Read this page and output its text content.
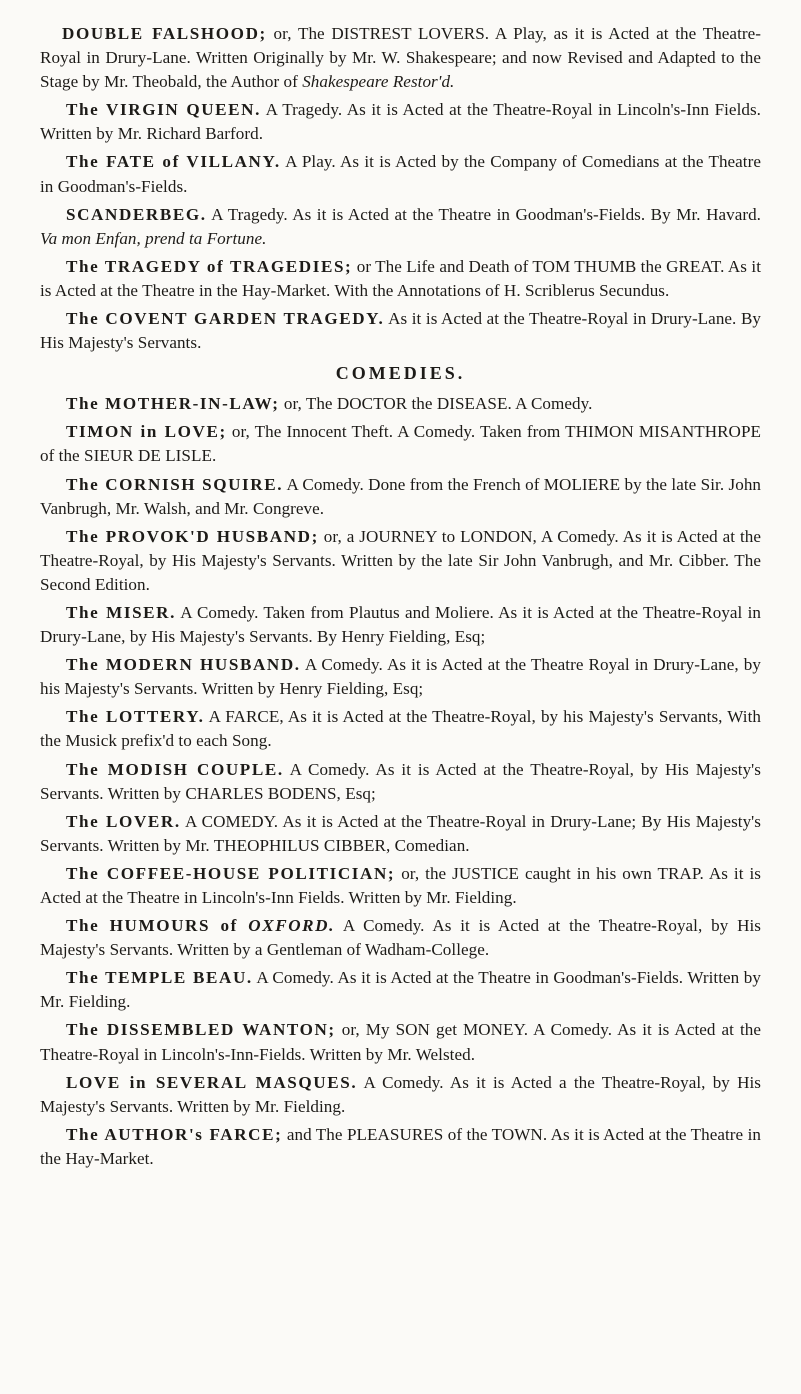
DOUBLE FALSHOOD; or, The DISTREST LOVERS. A Play, as it is Acted at the Theatre-Royal in Drury-Lane. Written Originally by Mr. W. Shakespeare; and now Revised and Adapted to the Stage by Mr. Theobald, the Author of Shakespeare Restor'd.

The VIRGIN QUEEN. A Tragedy. As it is Acted at the Theatre-Royal in Lincoln's-Inn Fields. Written by Mr. Richard Barford.

The FATE of VILLANY. A Play. As it is Acted by the Company of Comedians at the Theatre in Goodman's-Fields.

SCANDERBEG. A Tragedy. As it is Acted at the Theatre in Goodman's-Fields. By Mr. Havard. Va mon Enfan, prend ta Fortune.

The TRAGEDY of TRAGEDIES; or The Life and Death of TOM THUMB the GREAT. As it is Acted at the Theatre in the Hay-Market. With the Annotations of H. Scriblerus Secundus.

The COVENT GARDEN TRAGEDY. As it is Acted at the Theatre-Royal in Drury-Lane. By His Majesty's Servants.

COMEDIES.

The MOTHER-IN-LAW; or, The DOCTOR the DISEASE. A Comedy.

TIMON in LOVE; or, The Innocent Theft. A Comedy. Taken from THIMON MISANTHROPE of the SIEUR DE LISLE.

The CORNISH SQUIRE. A Comedy. Done from the French of MOLIERE by the late Sir. John Vanbrugh, Mr. Walsh, and Mr. Congreve.

The PROVOK'D HUSBAND; or, a JOURNEY to LONDON, A Comedy. As it is Acted at the Theatre-Royal, by His Majesty's Servants. Written by the late Sir John Vanbrugh, and Mr. Cibber. The Second Edition.

The MISER. A Comedy. Taken from Plautus and Moliere. As it is Acted at the Theatre-Royal in Drury-Lane, by His Majesty's Servants. By Henry Fielding, Esq;

The MODERN HUSBAND. A Comedy. As it is Acted at the Theatre Royal in Drury-Lane, by his Majesty's Servants. Written by Henry Fielding, Esq;

The LOTTERY. A FARCE, As it is Acted at the Theatre-Royal, by his Majesty's Servants, With the Musick prefix'd to each Song.

The MODISH COUPLE. A Comedy. As it is Acted at the Theatre-Royal, by His Majesty's Servants. Written by CHARLES BODENS, Esq;

The LOVER. A COMEDY. As it is Acted at the Theatre-Royal in Drury-Lane; By His Majesty's Servants. Written by Mr. THEOPHILUS CIBBER, Comedian.

The COFFEE-HOUSE POLITICIAN; or, the JUSTICE caught in his own TRAP. As it is Acted at the Theatre in Lincoln's-Inn Fields. Written by Mr. Fielding.

The HUMOURS of OXFORD. A Comedy. As it is Acted at the Theatre-Royal, by His Majesty's Servants. Written by a Gentleman of Wadham-College.

The TEMPLE BEAU. A Comedy. As it is Acted at the Theatre in Goodman's-Fields. Written by Mr. Fielding.

The DISSEMBLED WANTON; or, My SON get MONEY. A Comedy. As it is Acted at the Theatre-Royal in Lincoln's-Inn-Fields. Written by Mr. Welsted.

LOVE in SEVERAL MASQUES. A Comedy. As it is Acted a the Theatre-Royal, by His Majesty's Servants. Written by Mr. Fielding.

The AUTHOR's FARCE; and The PLEASURES of the TOWN. As it is Acted at the Theatre in the Hay-Market.
